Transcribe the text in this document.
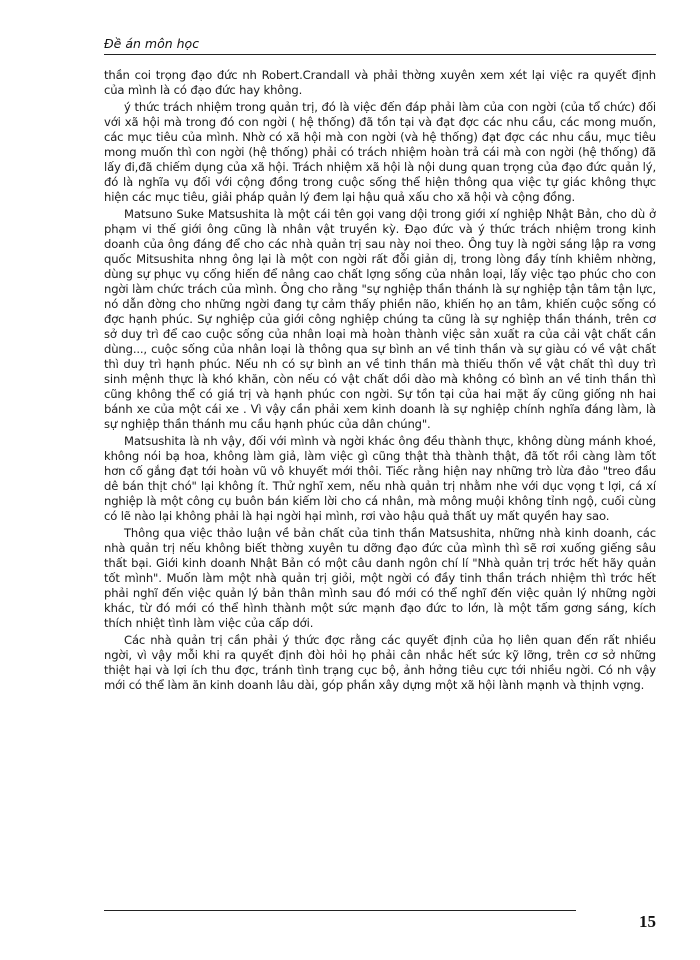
Đề án môn học

thần coi trọng đạo đức nh Robert.Crandall và phải thờng xuyên xem xét lại việc ra quyết định của mình là có đạo đức hay không.

ý thức trách nhiệm trong quản trị, đó là việc đến đáp phải làm của con ngời (của tổ chức) đối với xã hội mà trong đó con ngời ( hệ thống) đã tồn tại và đạt đợc các nhu cầu, các mong muốn, các mục tiêu của mình. Nhờ có xã hội mà con ngời (và hệ thống) đạt đợc các nhu cầu, mục tiêu mong muốn thì con ngời (hệ thống) phải có trách nhiệm hoàn trả cái mà con ngời (hệ thống) đã lấy đi,đã chiếm dụng của xã hội. Trách nhiệm xã hội là nội dung quan trọng của đạo đức quản lý, đó là nghĩa vụ đối với cộng đồng trong cuộc sống thể hiện thông qua việc tự giác không thực hiện các mục tiêu, giải pháp quản lý đem lại hậu quả xấu cho xã hội và cộng đồng.

Matsuno Suke Matsushita là một cái tên gọi vang dội trong giới xí nghiệp Nhật Bản, cho dù ở phạm vi thế giới ông cũng là nhân vật truyền kỳ. Đạo đức và ý thức trách nhiệm trong kinh doanh của ông đáng để cho các nhà quản trị sau này noi theo. Ông tuy là ngời sáng lập ra vơng quốc Mitsushita nhng ông lại là một con ngời rất đỗi giản dị, trong lòng đầy tính khiêm nhờng, dùng sự phục vụ cống hiến để nâng cao chất lợng sống của nhân loại, lấy việc tạo phúc cho con ngời làm chức trách của mình. Ông cho rằng "sự nghiệp thần thánh là sự nghiệp tận tâm tận lực, nó dẫn đờng cho những ngời đang tự cảm thấy phiền não, khiến họ an tâm, khiến cuộc sống có đợc hạnh phúc. Sự nghiệp của giới công nghiệp chúng ta cũng là sự nghiệp thần thánh, trên cơ sở duy trì để cao cuộc sống của nhân loại mà hoàn thành việc sản xuất ra của cải vật chất cần dùng..., cuộc sống của nhân loại là thông qua sự bình an về tinh thần và sự giàu có về vật chất thì duy trì hạnh phúc. Nếu nh có sự bình an về tinh thần mà thiếu thốn về vật chất thì duy trì sinh mệnh thực là khó khăn, còn nếu có vật chất dồi dào mà không có bình an về tinh thần thì cũng không thể có giá trị và hạnh phúc con ngời. Sự tồn tại của hai mặt ấy cũng giống nh hai bánh xe của một cái xe . Vì vậy cần phải xem kinh doanh là sự nghiệp chính nghĩa đáng làm, là sự nghiệp thần thánh mu cầu hạnh phúc của dân chúng".

Matsushita là nh vậy, đối với mình và ngời khác ông đều thành thực, không dùng mánh khoé, không nói bạ hoa, không làm giả, làm việc gì cũng thật thà thành thật, đã tốt rồi càng làm tốt hơn cố gắng đạt tới hoàn vũ vô khuyết mới thôi. Tiếc rằng hiện nay những trò lừa đảo "treo đầu dê bán thịt chó" lại không ít. Thử nghĩ xem, nếu nhà quản trị nhằm nhe với dục vọng t lợi, cá xí nghiệp là một công cụ buôn bán kiếm lời cho cá nhân, mà mông muội không tỉnh ngộ, cuối cùng có lẽ nào lại không phải là hại ngời hại mình, rơi vào hậu quả thất uy mất quyền hay sao.

Thông qua việc thảo luận về bản chất của tinh thần Matsushita, những nhà kinh doanh, các nhà quản trị nếu không biết thờng xuyên tu dỡng đạo đức của mình thì sẽ rơi xuống giếng sâu thất bại. Giới kinh doanh Nhật Bản có một câu danh ngôn chí lí "Nhà quản trị trớc hết hãy quản tốt mình". Muốn làm một nhà quản trị giỏi, một ngời có đầy tinh thần trách nhiệm thì trớc hết phải nghĩ đến việc quản lý bản thân mình sau đó mới có thể nghĩ đến việc quản lý những ngời khác, từ đó mới có thể hình thành một sức mạnh đạo đức to lớn, là một tấm gơng sáng, kích thích nhiệt tình làm việc của cấp dới.

Các nhà quản trị cần phải ý thức đợc rằng các quyết định của họ liên quan đến rất nhiều ngời, vì vậy mỗi khi ra quyết định đòi hỏi họ phải cân nhắc hết sức kỹ lỡng, trên cơ sở những thiệt hại và lợi ích thu đợc, tránh tình trạng cục bộ, ảnh hởng tiêu cực tới nhiều ngời. Có nh vậy mới có thể làm ăn kinh doanh lâu dài, góp phần xây dựng một xã hội lành mạnh và thịnh vợng.

15
